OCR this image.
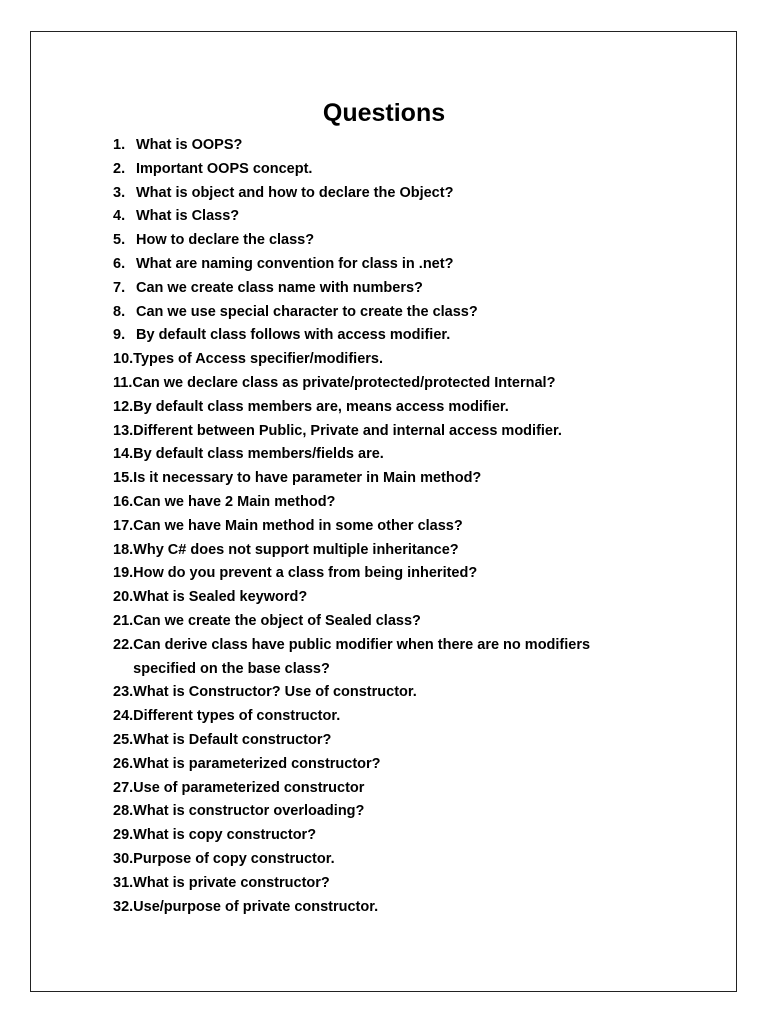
Questions
1. What is OOPS?
2. Important OOPS concept.
3. What is object and how to declare the Object?
4. What is Class?
5. How to declare the class?
6. What are naming convention for class in .net?
7. Can we create class name with numbers?
8. Can we use special character to create the class?
9. By default class follows with access modifier.
10. Types of Access specifier/modifiers.
11. Can we declare class as private/protected/protected Internal?
12. By default class members are, means access modifier.
13. Different between Public, Private and internal access modifier.
14. By default class members/fields are.
15. Is it necessary to have parameter in Main method?
16. Can we have 2 Main method?
17. Can we have Main method in some other class?
18. Why C# does not support multiple inheritance?
19. How do you prevent a class from being inherited?
20. What is Sealed keyword?
21. Can we create the object of Sealed class?
22. Can derive class have public modifier when there are no modifiers specified on the base class?
23. What is Constructor? Use of constructor.
24. Different types of constructor.
25. What is Default constructor?
26. What is parameterized constructor?
27. Use of parameterized constructor
28. What is constructor overloading?
29. What is copy constructor?
30. Purpose of copy constructor.
31. What is private constructor?
32. Use/purpose of private constructor.
